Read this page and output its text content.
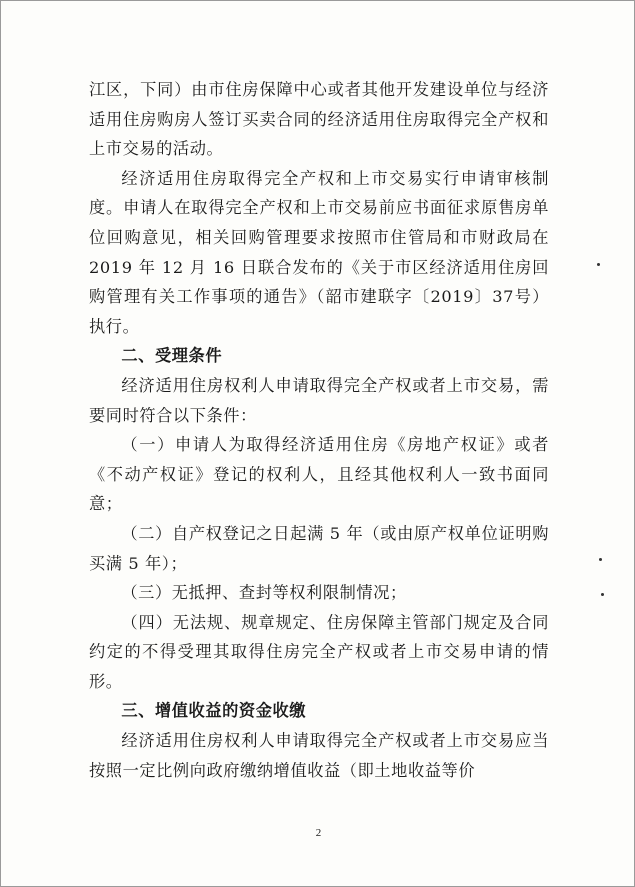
江区，下同）由市住房保障中心或者其他开发建设单位与经济适用住房购房人签订买卖合同的经济适用住房取得完全产权和上市交易的活动。

经济适用住房取得完全产权和上市交易实行申请审核制度。申请人在取得完全产权和上市交易前应书面征求原售房单位回购意见，相关回购管理要求按照市住管局和市财政局在 2019 年 12 月 16 日联合发布的《关于市区经济适用住房回购管理有关工作事项的通告》（韶市建联字〔2019〕37号）执行。

二、受理条件

经济适用住房权利人申请取得完全产权或者上市交易，需要同时符合以下条件：

（一）申请人为取得经济适用住房《房地产权证》或者《不动产权证》登记的权利人，且经其他权利人一致书面同意；

（二）自产权登记之日起满 5 年（或由原产权单位证明购买满 5 年）；

（三）无抵押、查封等权利限制情况；

（四）无法规、规章规定、住房保障主管部门规定及合同约定的不得受理其取得住房完全产权或者上市交易申请的情形。

三、增值收益的资金收缴

经济适用住房权利人申请取得完全产权或者上市交易应当按照一定比例向政府缴纳增值收益（即土地收益等价

2
